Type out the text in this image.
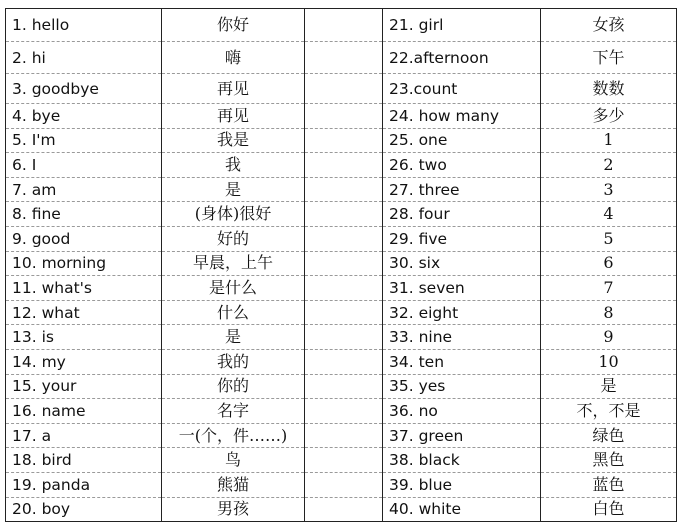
1. hello	你好		21. girl	女孩
2. hi	嗨		22.afternoon	下午
3. goodbye	再见		23.count	数数
4. bye	再见		24. how many	多少
5. I'm	我是		25. one	1
6. I	我		26. two	2
7. am	是		27. three	3
8. fine	(身体)很好		28. four	4
9. good	好的		29. five	5
10. morning	早晨，上午		30. six	6
11. what's	是什么		31. seven	7
12. what	什么		32. eight	8
13. is	是		33. nine	9
14. my	我的		34. ten	10
15. your	你的		35. yes	是
16. name	名字		36. no	不，不是
17. a	一(个，件……)		37. green	绿色
18. bird	鸟		38. black	黑色
19. panda	熊猫		39. blue	蓝色
20. boy	男孩		40. white	白色
